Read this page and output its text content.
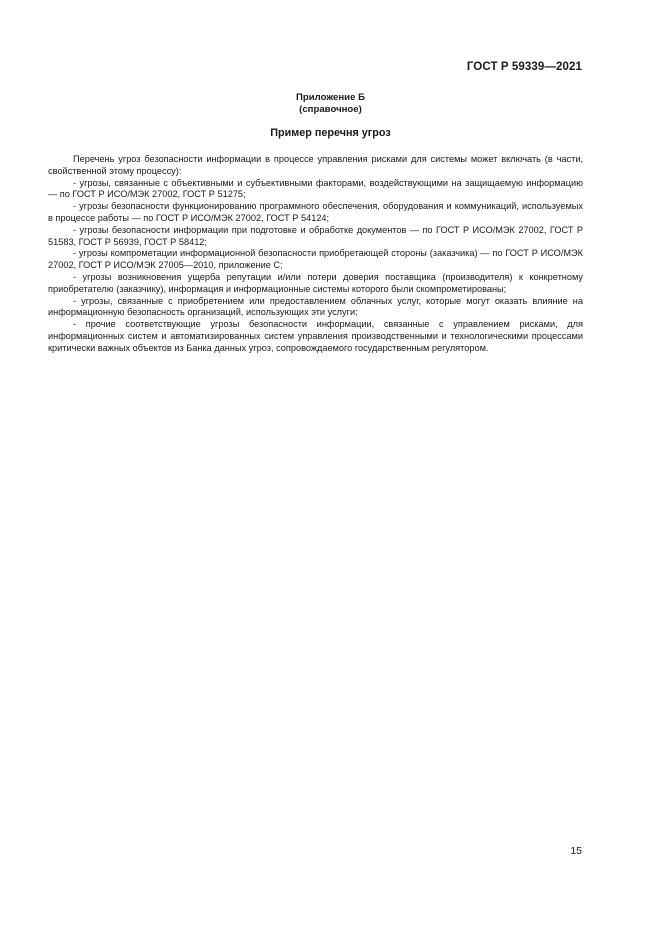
ГОСТ Р 59339—2021
Приложение Б
(справочное)
Пример перечня угроз

Перечень угроз безопасности информации в процессе управления рисками для системы может включать (в части, свойственной этому процессу):

- угрозы, связанные с объективными и субъективными факторами, воздействующими на защищаемую информацию — по ГОСТ Р ИСО/МЭК 27002, ГОСТ Р 51275;

- угрозы безопасности функционированию программного обеспечения, оборудования и коммуникаций, используемых в процессе работы — по ГОСТ Р ИСО/МЭК 27002, ГОСТ Р 54124;

- угрозы безопасности информации при подготовке и обработке документов — по ГОСТ Р ИСО/МЭК 27002, ГОСТ Р 51583, ГОСТ Р 56939, ГОСТ Р 58412;

- угрозы компрометации информационной безопасности приобретающей стороны (заказчика) — по ГОСТ Р ИСО/МЭК 27002, ГОСТ Р ИСО/МЭК 27005—2010, приложение С;

- угрозы возникновения ущерба репутации и/или потери доверия поставщика (производителя) к конкретному приобретателю (заказчику), информация и информационные системы которого были скомпрометированы;

- угрозы, связанные с приобретением или предоставлением облачных услуг, которые могут оказать влияние на информационную безопасность организаций, использующих эти услуги;

- прочие соответствующие угрозы безопасности информации, связанные с управлением рисками, для информационных систем и автоматизированных систем управления производственными и технологическими процессами критически важных объектов из Банка данных угроз, сопровождаемого государственным регулятором.

15
